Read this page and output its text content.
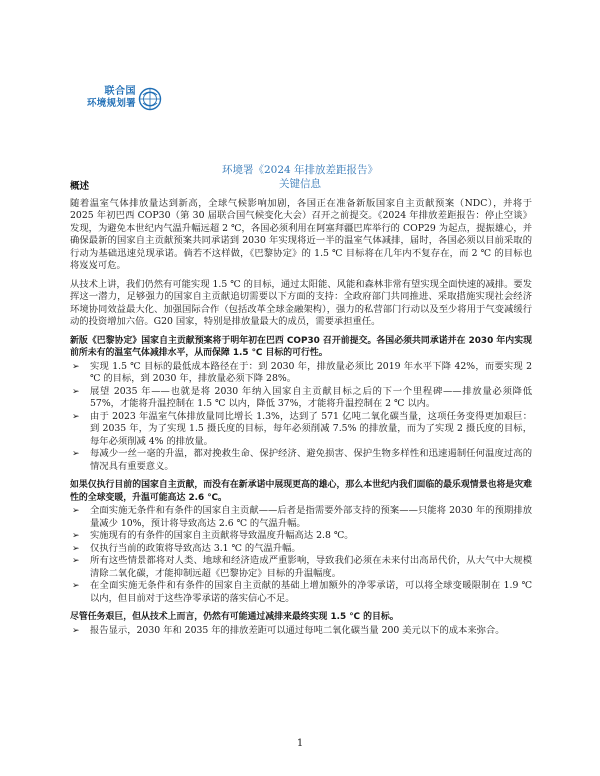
联合国
环境规划署
环境署《2024 年排放差距报告》
关键信息
概述

随着温室气体排放量达到新高，全球气候影响加剧，各国正在准备新版国家自主贡献预案（NDC），并将于 2025 年初巴西 COP30（第 30 届联合国气候变化大会）召开之前提交。《2024 年排放差距报告：停止空谈》发现，为避免本世纪内气温升幅远超 2 ℃，各国必须利用在阿塞拜疆巴库举行的 COP29 为起点，提振雄心，并确保最新的国家自主贡献预案共同承诺到 2030 年实现将近一半的温室气体减排，届时，各国必须以目前采取的行动为基础迅速兑现承诺。倘若不这样做，《巴黎协定》的 1.5 ℃ 目标将在几年内不复存在，而 2 ℃ 的目标也将岌岌可危。

从技术上讲，我们仍然有可能实现 1.5 ℃ 的目标，通过太阳能、风能和森林非常有望实现全面快速的减排。要发挥这一潜力，足够强力的国家自主贡献追切需要以下方面的支持：全政府部门共同推进、采取措施实现社会经济环境协同效益最大化、加强国际合作（包括改革全球金融架构），强力的私营部门行动以及至少将用于气变减缓行动的投资增加六倍。G20 国家，特别是排放量最大的成员，需要承担重任。

新版《巴黎协定》国家自主贡献预案将于明年初在巴西 COP30 召开前提交。各国必须共同承诺并在 2030 年内实现前所未有的温室气体减排水平，从而保障 1.5 ℃ 目标的可行性。

➢ 实现 1.5 ℃ 目标的最低成本路径在于：到 2030 年，排放量必须比 2019 年水平下降 42%，而要实现 2 ℃ 的目标，到 2030 年，排放量必须下降 28%。
➢ 展望 2035 年——也就是将 2030 年纳入国家自主贡献目标之后的下一个里程碑——排放量必须降低 57%，才能将升温控制在 1.5 ℃ 以内，降低 37%，才能将升温控制在 2 ℃ 以内。
➢ 由于 2023 年温室气体排放量同比增长 1.3%，达到了 571 亿吨二氧化碳当量，这项任务变得更加艰巨：到 2035 年，为了实现 1.5 摄氏度的目标，每年必须削减 7.5% 的排放量，而为了实现 2 摄氏度的目标，每年必须削减 4% 的排放量。
➢ 每减少一丝一毫的升温，都对挽救生命、保护经济、避免损害、保护生物多样性和迅速遏制任何温度过高的情况具有重要意义。

如果仅执行目前的国家自主贡献，而没有在新承诺中展现更高的雄心，那么本世纪内我们面临的最乐观情景也将是灾难性的全球变暖，升温可能高达 2.6 ℃。

➢ 全面实施无条件和有条件的国家自主贡献——后者是指需要外部支持的预案——只能将 2030 年的预期排放量减少 10%，预计将导致高达 2.6 ℃ 的气温升幅。
➢ 实施现有的有条件的国家自主贡献将导致温度升幅高达 2.8 ℃。
➢ 仅执行当前的政策将导致高达 3.1 ℃ 的气温升幅。
➢ 所有这些情景都将对人类、地球和经济造成严重影响，导致我们必须在未来付出高昂代价，从大气中大规模清除二氧化碳，才能抑制远超《巴黎协定》目标的升温幅度。
➢ 在全面实施无条件和有条件的国家自主贡献的基础上增加额外的净零承诺，可以将全球变暖限制在 1.9 ℃ 以内，但目前对于这些净零承诺的落实信心不足。

尽管任务艰巨，但从技术上而言，仍然有可能通过减排来最终实现 1.5 ℃ 的目标。

➢ 报告显示，2030 年和 2035 年的排放差距可以通过每吨二氧化碳当量 200 美元以下的成本来弥合。
1
